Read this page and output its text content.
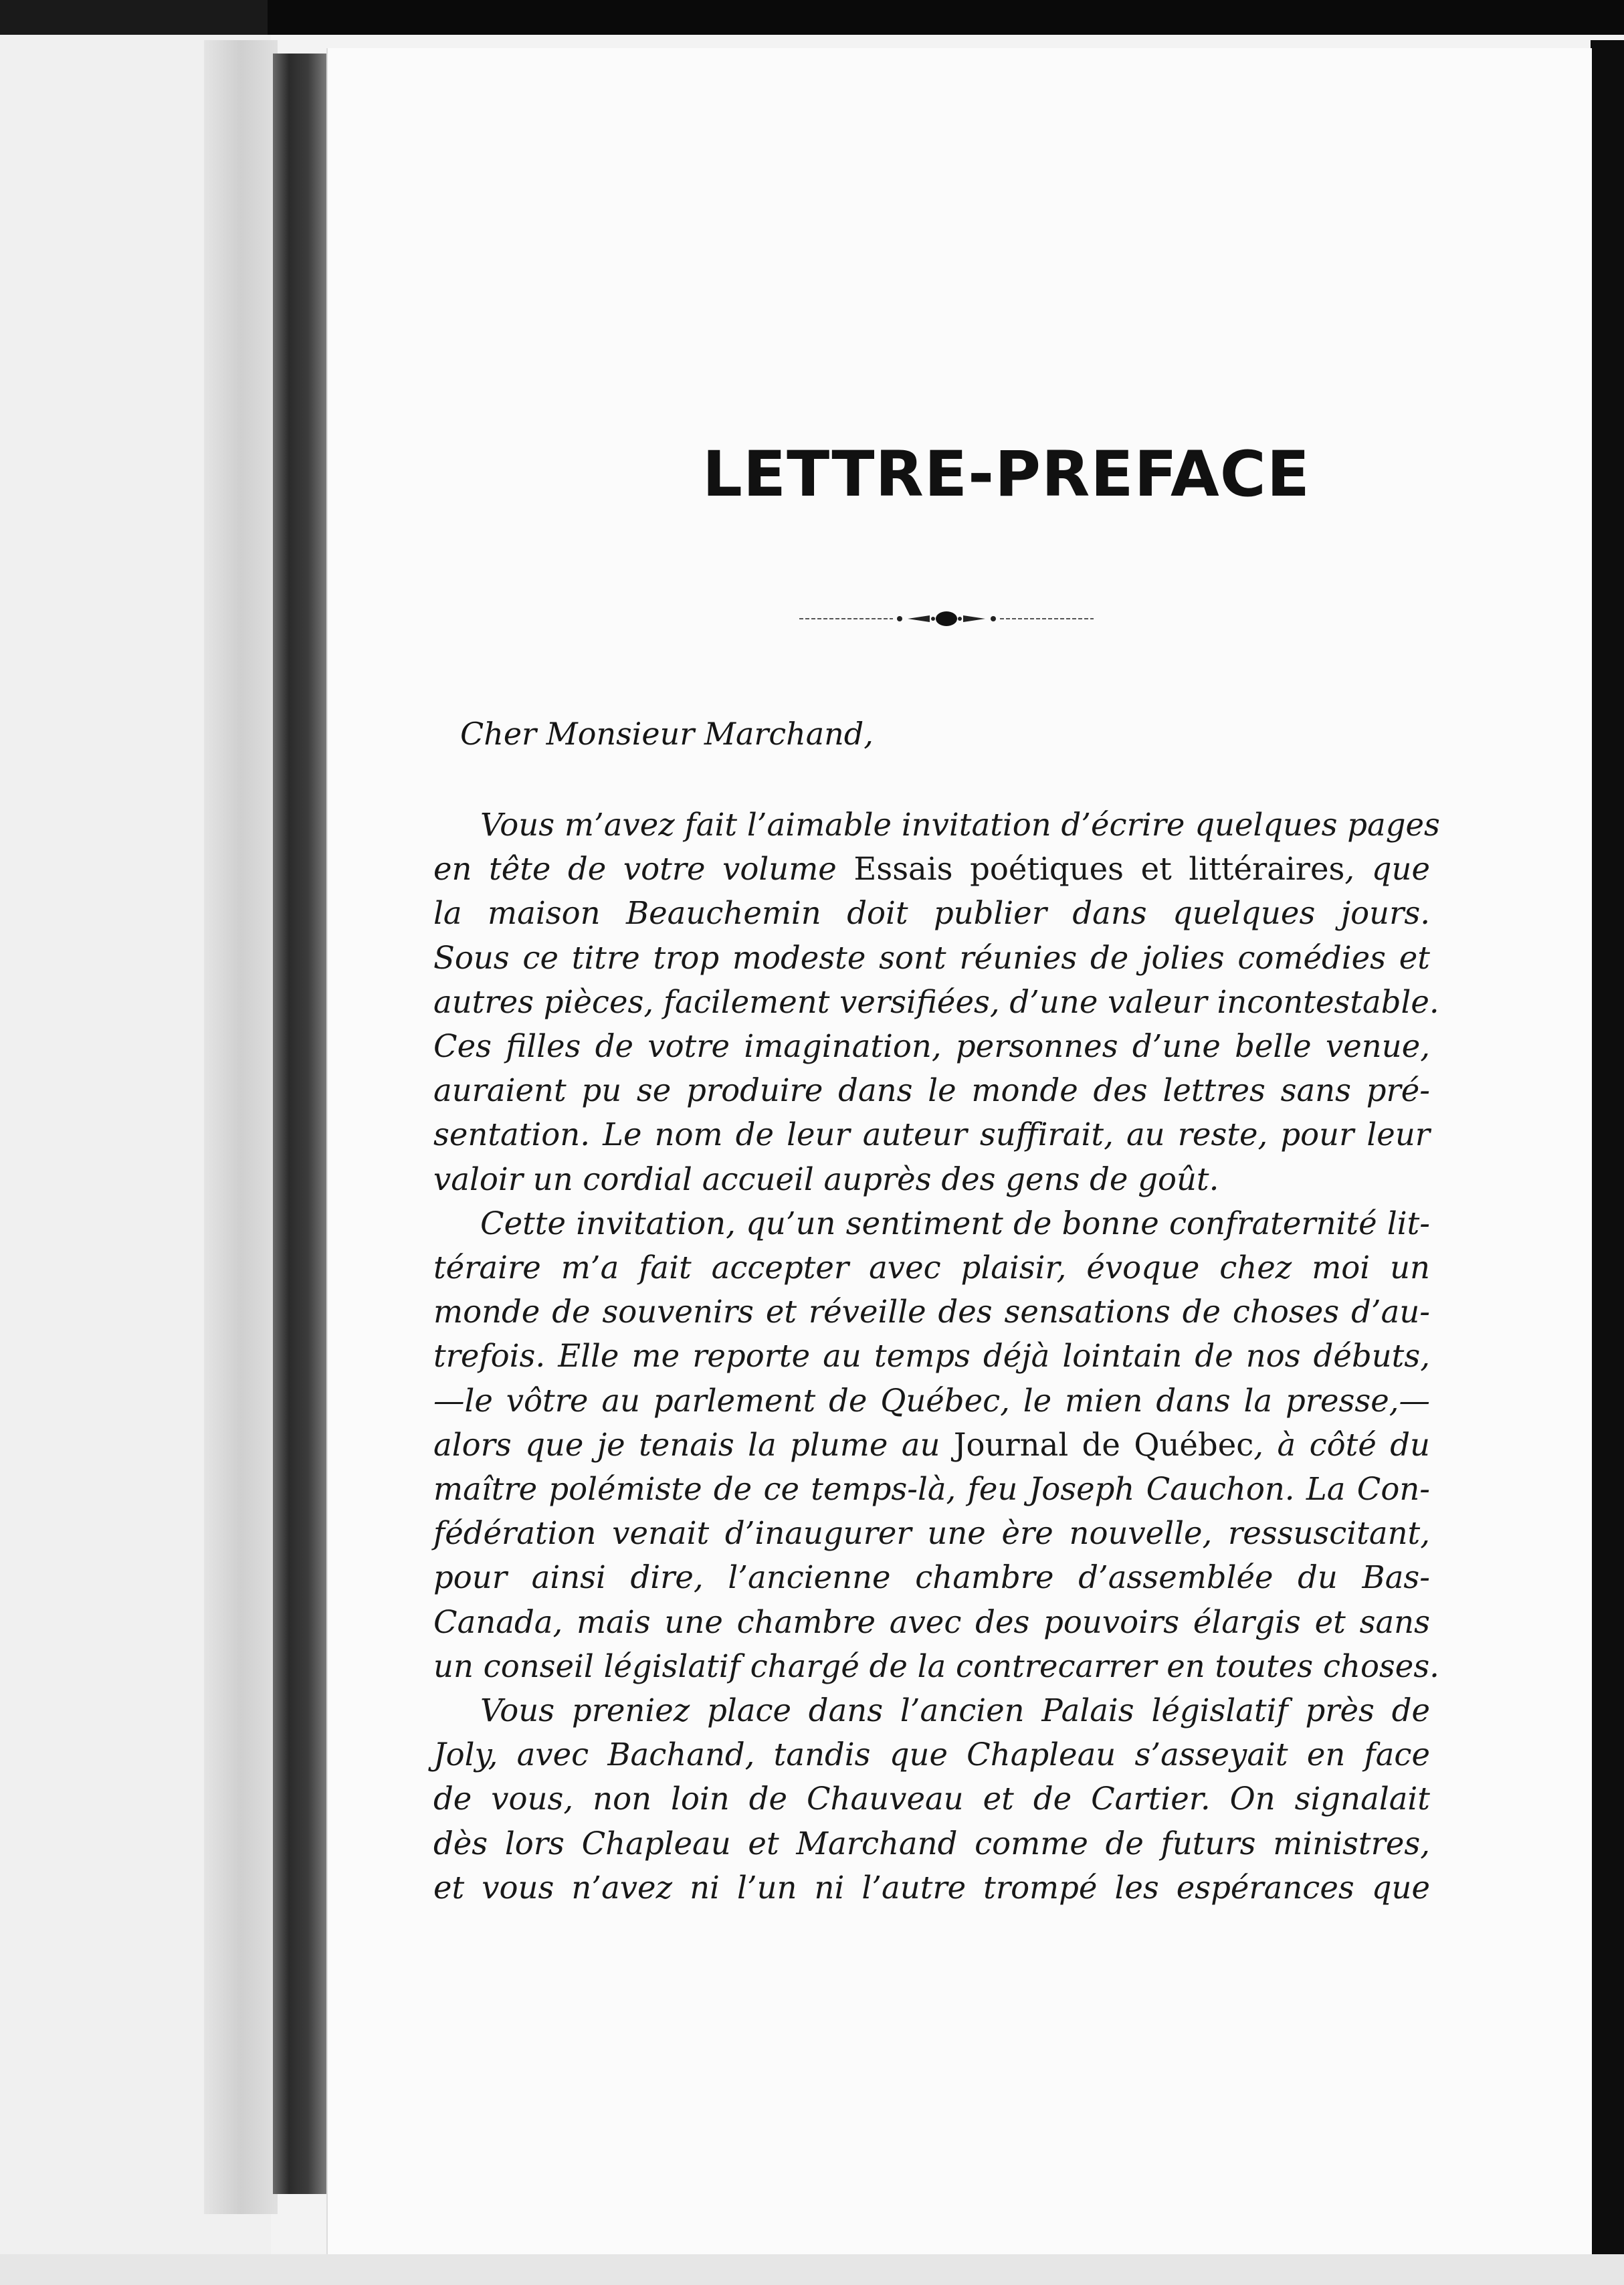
LETTRE-PREFACE
Cher Monsieur Marchand,
Vous m’avez fait l’aimable invitation d’écrire quelques pages
en tête de votre volume Essais poétiques et littéraires, que
la maison Beauchemin doit publier dans quelques jours.
Sous ce titre trop modeste sont réunies de jolies comédies et
autres pièces, facilement versifiées, d’une valeur incontestable.
Ces filles de votre imagination, personnes d’une belle venue,
auraient pu se produire dans le monde des lettres sans pré-
sentation. Le nom de leur auteur suffirait, au reste, pour leur
valoir un cordial accueil auprès des gens de goût.
Cette invitation, qu’un sentiment de bonne confraternité lit-
téraire m’a fait accepter avec plaisir, évoque chez moi un
monde de souvenirs et réveille des sensations de choses d’au-
trefois. Elle me reporte au temps déjà lointain de nos débuts,
—le vôtre au parlement de Québec, le mien dans la presse,—
alors que je tenais la plume au Journal de Québec, à côté du
maître polémiste de ce temps-là, feu Joseph Cauchon. La Con-
fédération venait d’inaugurer une ère nouvelle, ressuscitant,
pour ainsi dire, l’ancienne chambre d’assemblée du Bas-
Canada, mais une chambre avec des pouvoirs élargis et sans
un conseil législatif chargé de la contrecarrer en toutes choses.
Vous preniez place dans l’ancien Palais législatif près de
Joly, avec Bachand, tandis que Chapleau s’asseyait en face
de vous, non loin de Chauveau et de Cartier. On signalait
dès lors Chapleau et Marchand comme de futurs ministres,
et vous n’avez ni l’un ni l’autre trompé les espérances que
